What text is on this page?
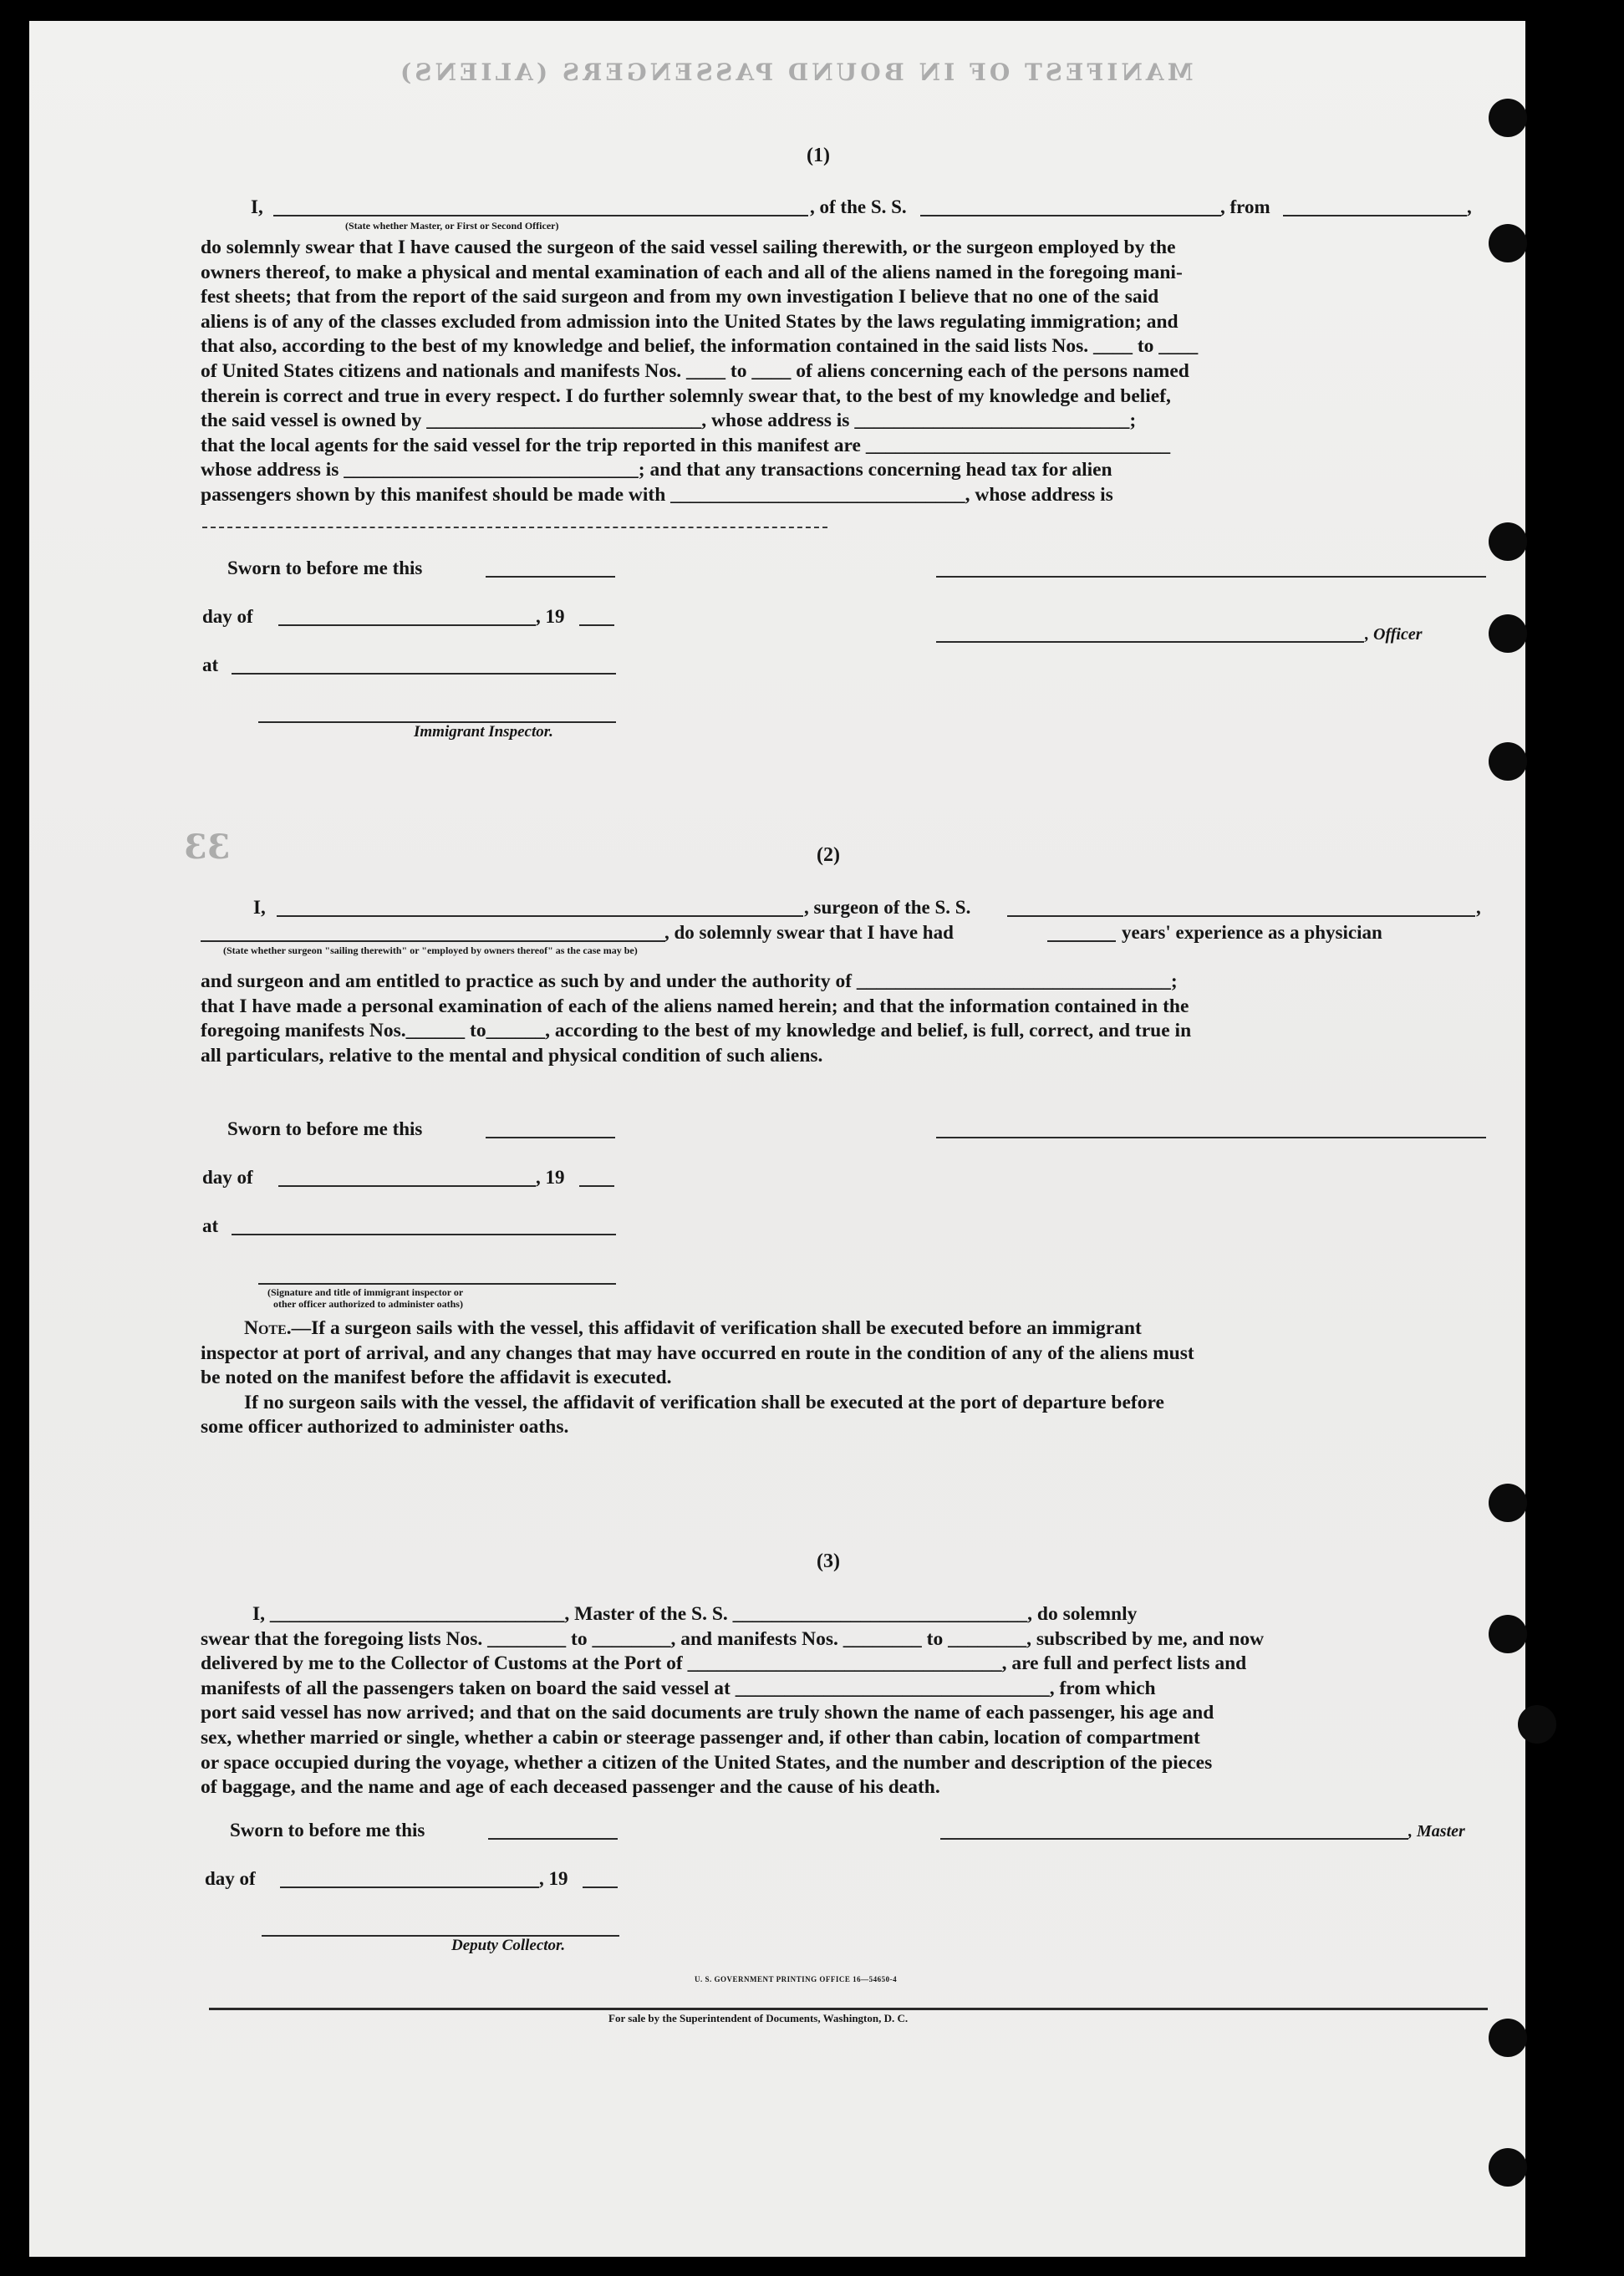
MANIFEST OF IN BOUND PASSENGERS (ALIENS)
33
(1)
I,	, of the S. S.	, from	,
(State whether Master, or First or Second Officer)
do solemnly swear that I have caused the surgeon of the said vessel sailing therewith, or the surgeon employed by the
owners thereof, to make a physical and mental examination of each and all of the aliens named in the foregoing mani-
fest sheets; that from the report of the said surgeon and from my own investigation I believe that no one of the said
aliens is of any of the classes excluded from admission into the United States by the laws regulating immigration; and
that also, according to the best of my knowledge and belief, the information contained in the said lists Nos. ____ to ____
of United States citizens and nationals and manifests Nos. ____ to ____ of aliens concerning each of the persons named
therein is correct and true in every respect. I do further solemnly swear that, to the best of my knowledge and belief,
the said vessel is owned by ____________________________, whose address is ____________________________;
that the local agents for the said vessel for the trip reported in this manifest are _______________________________
whose address is ______________________________; and that any transactions concerning head tax for alien
passengers shown by this manifest should be made with ______________________________, whose address is
Sworn to before me this
day of	, 19
, Officer
at
Immigrant Inspector.
(2)
I,	, surgeon of the S. S.	,
, do solemnly swear that I have had	years' experience as a physician
(State whether surgeon "sailing therewith" or "employed by owners thereof" as the case may be)
and surgeon and am entitled to practice as such by and under the authority of ________________________________;
that I have made a personal examination of each of the aliens named herein; and that the information contained in the
foregoing manifests Nos.______ to______, according to the best of my knowledge and belief, is full, correct, and true in
all particulars, relative to the mental and physical condition of such aliens.
Sworn to before me this
day of	, 19
at
(Signature and title of immigrant inspector or
other officer authorized to administer oaths)
Note.—If a surgeon sails with the vessel, this affidavit of verification shall be executed before an immigrant
inspector at port of arrival, and any changes that may have occurred en route in the condition of any of the aliens must
be noted on the manifest before the affidavit is executed.
If no surgeon sails with the vessel, the affidavit of verification shall be executed at the port of departure before
some officer authorized to administer oaths.
(3)
I, ______________________________, Master of the S. S. ______________________________, do solemnly
swear that the foregoing lists Nos. ________ to ________, and manifests Nos. ________ to ________, subscribed by me, and now
delivered by me to the Collector of Customs at the Port of ________________________________, are full and perfect lists and
manifests of all the passengers taken on board the said vessel at ________________________________, from which
port said vessel has now arrived; and that on the said documents are truly shown the name of each passenger, his age and
sex, whether married or single, whether a cabin or steerage passenger and, if other than cabin, location of compartment
or space occupied during the voyage, whether a citizen of the United States, and the number and description of the pieces
of baggage, and the name and age of each deceased passenger and the cause of his death.
Sworn to before me this	, Master
day of	, 19
Deputy Collector.
U. S. GOVERNMENT PRINTING OFFICE 16—54650-4
For sale by the Superintendent of Documents, Washington, D. C.
